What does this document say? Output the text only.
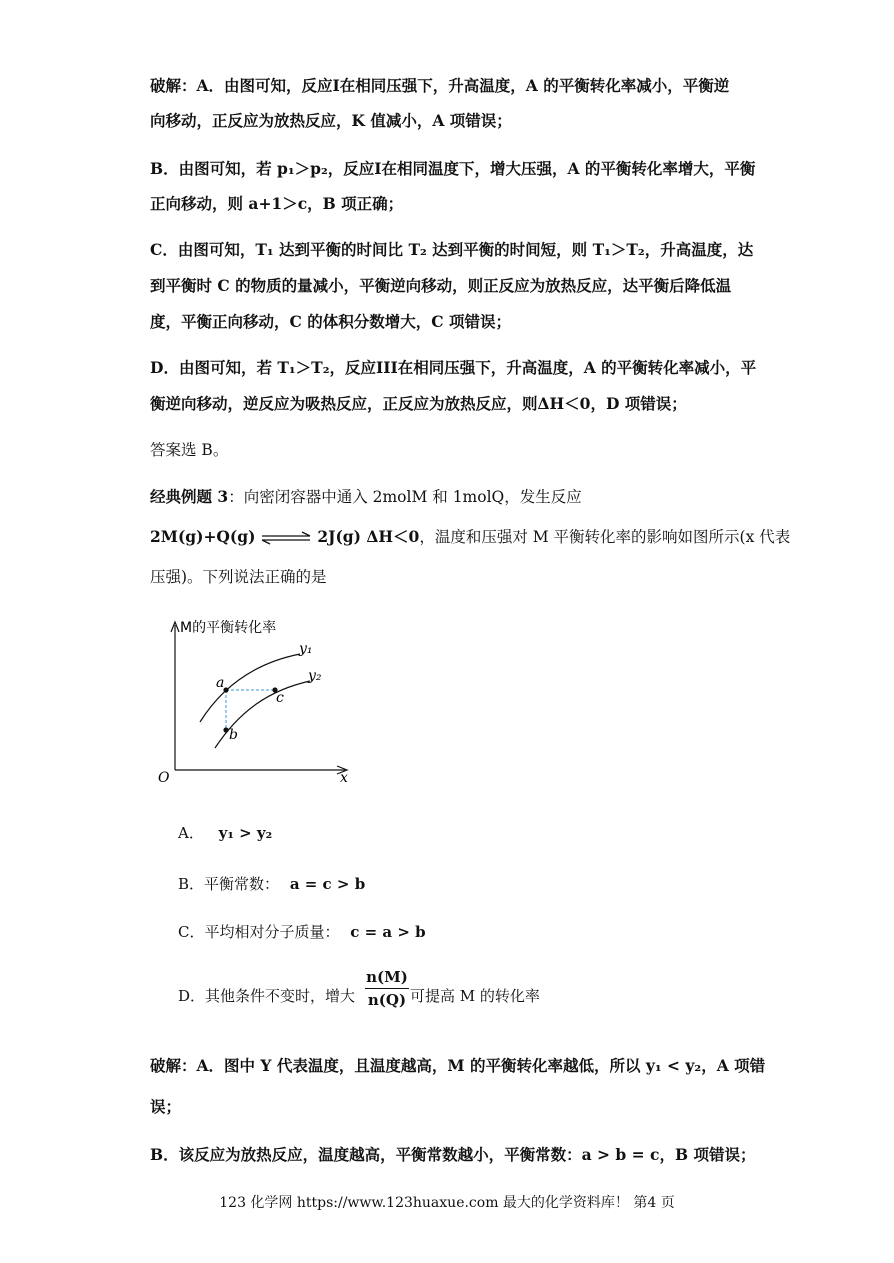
破解：A．由图可知，反应I在相同压强下，升高温度，A 的平衡转化率减小，平衡逆
向移动，正反应为放热反应，K 值减小，A 项错误；
B．由图可知，若 p₁＞p₂，反应I在相同温度下，增大压强，A 的平衡转化率增大，平衡
正向移动，则 a+1＞c，B 项正确；
C．由图可知，T₁ 达到平衡的时间比 T₂ 达到平衡的时间短，则 T₁＞T₂，升高温度，达
到平衡时 C 的物质的量减小，平衡逆向移动，则正反应为放热反应，达平衡后降低温
度，平衡正向移动，C 的体积分数增大，C 项错误；
D．由图可知，若 T₁＞T₂，反应III在相同压强下，升高温度，A 的平衡转化率减小，平
衡逆向移动，逆反应为吸热反应，正反应为放热反应，则ΔH＜0，D 项错误；
答案选 B。
经典例题 3：向密闭容器中通入 2molM 和 1molQ，发生反应
2M(g)+Q(g) ⇌ 2J(g) ΔH＜0，温度和压强对 M 平衡转化率的影响如图所示(x 代表
压强)。下列说法正确的是
M的平衡转化率
x
O
y₁
y₂
a
c
b
A． y₁ > y₂
B．平衡常数： a = c > b
C．平均相对分子质量： c = a > b
D．其他条件不变时，增大
n(M)
n(Q) 可提高 M 的转化率
破解：A．图中 Y 代表温度，且温度越高，M 的平衡转化率越低，所以 y₁ < y₂，A 项错
误；
B．该反应为放热反应，温度越高，平衡常数越小，平衡常数：a > b = c，B 项错误；
123 化学网 https://www.123huaxue.com 最大的化学资料库！ 第4 页
